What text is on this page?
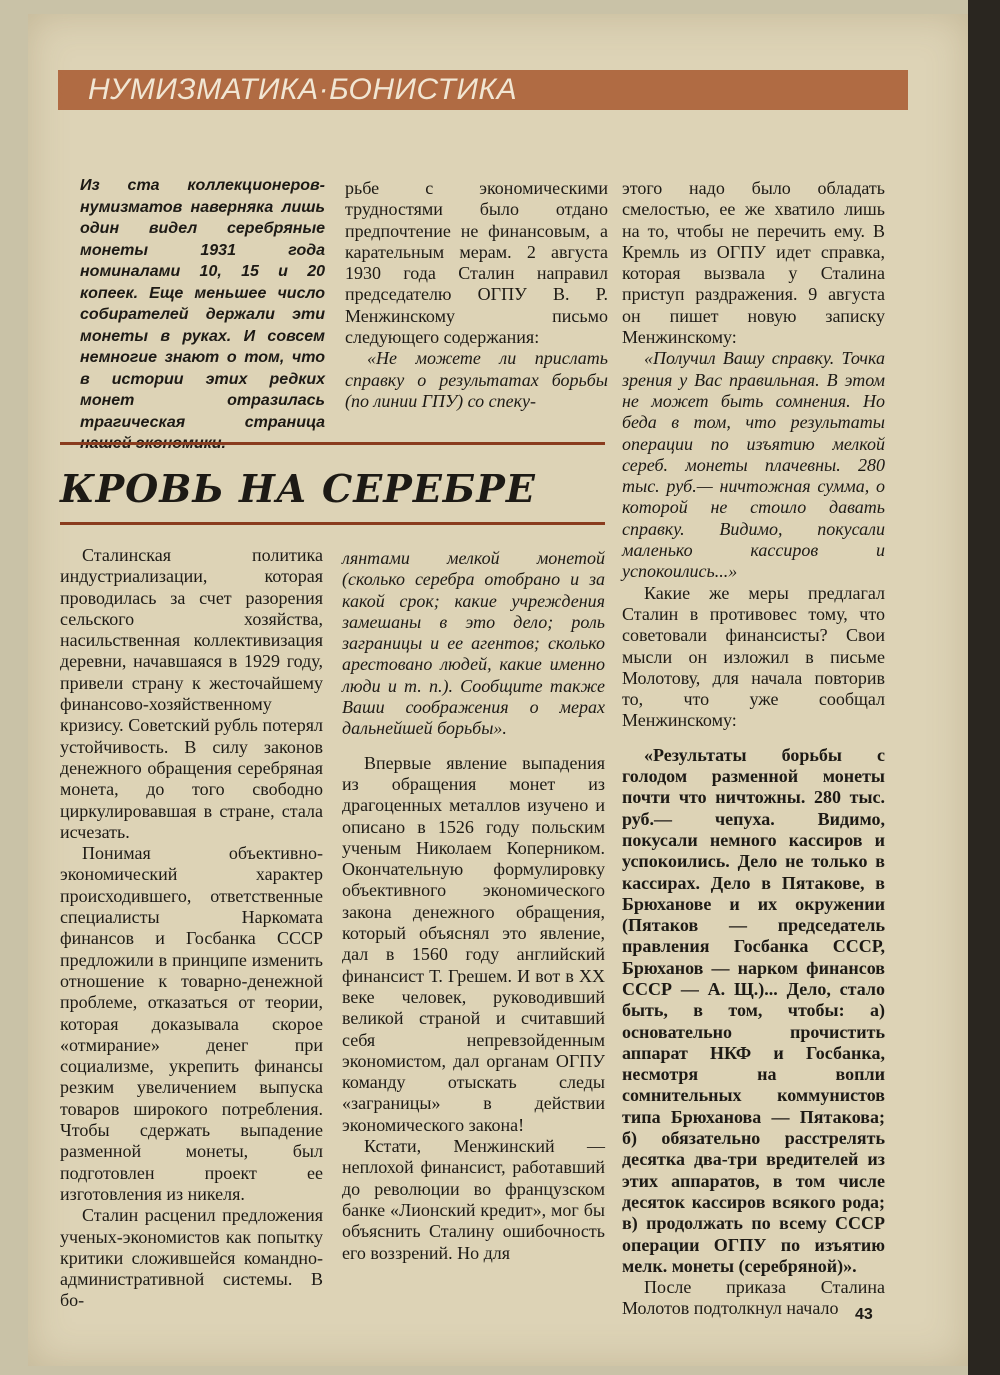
НУМИЗМАТИКА·БОНИСТИКА
Из ста коллекционеров-нумизматов наверняка лишь один видел серебряные монеты 1931 года номиналами 10, 15 и 20 копеек. Еще меньшее число собирателей держали эти монеты в руках. И совсем немногие знают о том, что в истории этих редких монет отразилась трагическая страница

рьбе с экономическими трудностями было отдано предпочтение не финансовым, а карательным мерам. 2 августа 1930 года Сталин направил председателю ОГПУ В. Р. Менжинскому письмо следующего содержания:

«Не можете ли прислать справку о результатах борьбы (по линии ГПУ) со спеку-

КРОВЬ НА СЕРЕБРЕ

Сталинская политика индустриализации, которая проводилась за счет разорения сельского хозяйства, насильственная коллективизация деревни, начавшаяся в 1929 году, привели страну к жесточайшему финансово-хозяйственному кризису. Советский рубль потерял устойчивость. В силу законов денежного обращения серебряная монета, до того свободно циркулировавшая в стране, стала исчезать.

Понимая объективно-экономический характер происходившего, ответственные специалисты Наркомата финансов и Госбанка СССР предложили в принципе изменить отношение к товарно-денежной проблеме, отказаться от теории, которая доказывала скорое «отмирание» денег при социализме, укрепить финансы резким увеличением выпуска товаров широкого потребления. Чтобы сдержать выпадение разменной монеты, был подготовлен проект ее изготовления из никеля.

Сталин расценил предложения ученых-экономистов как попытку критики сложившейся командно-административной системы. В бо-

лянтами мелкой монетой (сколько серебра отобрано и за какой срок; какие учреждения замешаны в это дело; роль заграницы и ее агентов; сколько арестовано людей, какие именно люди и т. п.). Сообщите также Ваши соображения о мерах дальнейшей борьбы».

Впервые явление выпадения из обращения монет из драгоценных металлов изучено и описано в 1526 году польским ученым Николаем Коперником. Окончательную формулировку объективного экономического закона денежного обращения, который объяснял это явление, дал в 1560 году английский финансист Т. Грешем. И вот в XX веке человек, руководивший великой страной и считавший себя непревзойденным экономистом, дал органам ОГПУ команду отыскать следы «заграницы» в действии экономического закона!

Кстати, Менжинский — неплохой финансист, работавший до революции во французском банке «Лионский кредит», мог бы объяснить Сталину ошибочность его воззрений. Но для

этого надо было обладать смелостью, ее же хватило лишь на то, чтобы не перечить ему. В Кремль из ОГПУ идет справка, которая вызвала у Сталина приступ раздражения. 9 августа он пишет новую записку Менжинскому:

«Получил Вашу справку. Точка зрения у Вас правильная. В этом не может быть сомнения. Но беда в том, что результаты операции по изъятию мелкой сереб. монеты плачевны. 280 тыс. руб.— ничтожная сумма, о которой не стоило давать справку. Видимо, покусали маленько кассиров и успокоились...»

Какие же меры предлагал Сталин в противовес тому, что советовали финансисты? Свои мысли он изложил в письме Молотову, для начала повторив то, что уже сообщал Менжинскому:

«Результаты борьбы с голодом разменной монеты почти что ничтожны. 280 тыс. руб.— чепуха. Видимо, покусали немного кассиров и успокоились. Дело не только в кассирах. Дело в Пятакове, в Брюханове и их окружении (Пятаков — председатель правления Госбанка СССР, Брюханов — нарком финансов СССР — А. Щ.)... Дело, стало быть, в том, чтобы: а) основательно прочистить аппарат НКФ и Госбанка, несмотря на вопли сомнительных коммунистов типа Брюханова — Пятакова; б) обязательно расстрелять десятка два-три вредителей из этих аппаратов, в том числе десяток кассиров всякого рода; в) продолжать по всему СССР операции ОГПУ по изъятию мелк. монеты (серебряной)».

После приказа Сталина Молотов подтолкнул начало	43
